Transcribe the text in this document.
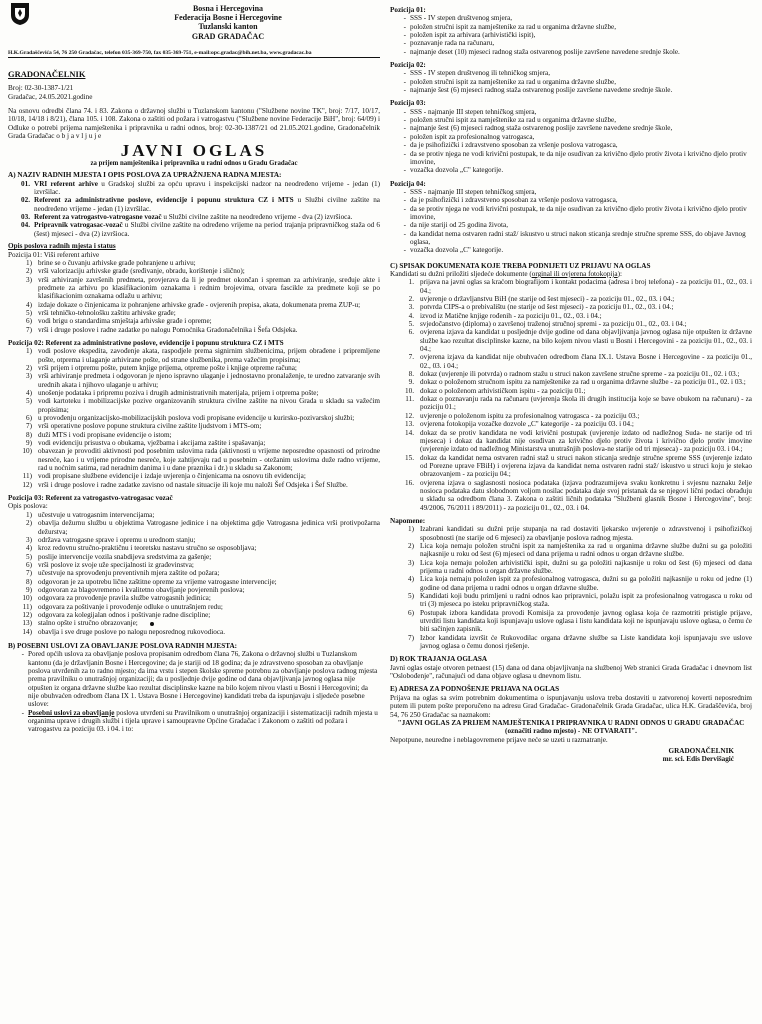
Bosna i Hercegovina
Federacija Bosne i Hercegovine
Tuzlanski kanton
GRAD GRADAČAC
H.K.Gradaščevića 54, 76 250 Gradačac, telefon 035-369-750, fax 035-369-751, e-mail:opc.gradac@bih.net.ba, www.gradacac.ba
GRADONAČELNIK
Broj: 02-30-1387-1/21
Gradačac, 24.05.2021.godine
Na osnovu odredbi člana 74. i 83. Zakona o državnoj službi u Tuzlanskom kantonu ("Službene novine TK", broj: 7/17, 10/17, 10/18, 14/18 i 8/21), člana 105. i 108. Zakona o zaštiti od požara i vatrogastvu ("Službene novine Federacije BiH", broj: 64/09) i Odluke o potrebi prijema namještenika i pripravnika u radni odnos, broj: 02-30-1387/21 od 21.05.2021.godine, Gradonačelnik Grada Gradačac o b j a v l j u j e
JAVNI OGLAS
za prijem namještenika i pripravnika u radni odnos u Gradu Gradačac
A) NAZIV RADNIH MJESTA I OPIS POSLOVA ZA UPRAŽNJENA RADNA MJESTA:
01. VRI referent arhive u Gradskoj službi za opću upravu i inspekcijski nadzor na neodređeno vrijeme - jedan (1) izvršilac.
02. Referent za administrativne poslove, evidencije i popunu struktura CZ i MTS u Službi civilne zaštite na neodređeno vrijeme - jedan (1) izvršilac.
03. Referent za vatrogastvo-vatrogasne vozač u Službi civilne zaštite na neodređeno vrijeme - dva (2) izvršioca.
04. Pripravnik vatrogasac-vozač u Službi civilne zaštite na određeno vrijeme na period trajanja pripravničkog staža od 6 (šest) mjeseci - dva (2) izvršioca.
Opis poslova radnih mjesta i status
Pozicija 01: Viši referent arhive
1) brine se o čuvanju arhivske građe pohranjene u arhivu;
2) vrši valorizaciju arhivske građe (sređivanje, obradu, korištenje i slično);
3) vrši arhiviranje završenih predmeta, provjerava da li je predmet okončan i spreman za arhiviranje, sređuje akte i predmete za arhivu po klasifikacionim oznakama i rednim brojevima, otvara fascikle za predmete koji se po klasifikacionim oznakama odlažu u arhivu;
4) izdaje dokaze o činjenicama iz pohranjene arhivske građe - ovjerenih prepisa, akata, dokumenata prema ZUP-u;
5) vrši tehničko-tehnološku zaštitu arhivske građe;
6) vodi brigu o standardima smještaja arhivske građe i opreme;
7) vrši i druge poslove i radne zadatke po nalogu Pomoćnika Gradonačelnika i Šefa Odsjeka.
Pozicija 02: Referent za administrativne poslove, evidencije i popunu struktura CZ i MTS
1) vodi poslove ekspedita, zavođenje akata, raspodjele prema signirnim službenicima, prijem obrađene i pripremljene pošte, otprema i ulaganje arhivirane pošte, od strane službenika, prema važećim propisima;
2) vrši prijem i otpremu pošte, putem knjige prijema, otpreme pošte i knjige otpreme računa;
3) vrši arhiviranje predmeta i odgovoran je njeno ispravno ulaganje i jednostavno pronalaženje, te uredno zatvaranje svih urednih akata i njihovo ulaganje u arhivu;
4) unošenje podataka i pripremu poziva i drugih administrativnih materijala, prijem i otprema pošte;
5) vodi kartoteku i mobilizacijske pozive organizovanih struktura civilne zaštite na nivou Grada u skladu sa važećim propisima;
6) u provođenju organizacijsko-mobilizacijskih poslova vodi propisane evidencije u kurirsko-pozivarskoj službi;
7) vrši operativne poslove popune struktura civilne zaštite ljudstvom i MTS-om;
8) duži MTS i vodi propisane evidencije o istom;
9) vodi evidenciju prisustva o obukama, vježbama i akcijama zaštite i spašavanja;
10) obavezan je provoditi aktivnosti pod posebnim uslovima rada (aktivnosti u vrijeme neposredne opasnosti od prirodne nesreće, kao i u vrijeme prirodne nesreće, koje zahtijevaju rad u posebnim - otežanim uslovima duže radno vrijeme, rad u noćnim satima, rad neradnim danima i u dane praznika i dr.) u skladu sa Zakonom;
11) vodi propisane službene evidencije i izdaje uvjerenja o činjenicama na osnovu tih evidencija;
12) vrši i druge poslove i radne zadatke zavisno od nastale situacije ili koje mu naloži Šef Odsjeka i Šef Službe.
Pozicija 03: Referent za vatrogastvo-vatrogasac vozač
Opis poslova:
1) učestvuje u vatrogasnim intervencijama;
2) obavlja dežurnu službu u objektima Vatrogasne jedinice i na objektima gdje Vatrogasna jedinica vrši protivpožarna dežurstva;
3) održava vatrogasne sprave i opremu u urednom stanju;
4) kroz redovnu stručno-praktičnu i teoretsku nastavu stručno se osposobljava;
5) poslije intervencije vozila snabdijeva sredstvima za gašenje;
6) vrši poslove iz svoje uže specijalnosti iz građevinstva;
7) učestvuje na sprovođenju preventivnih mjera zaštite od požara;
8) odgovoran je za upotrebu lične zaštitne opreme za vrijeme vatrogasne intervencije;
9) odgovoran za blagovremeno i kvalitetno obavljanje povjerenih poslova;
10) odgovara za provođenje pravila službe vatrogasnih jedinica;
11) odgovara za poštivanje i provođenje odluke o unutrašnjem redu;
12) odgovara za kolegijalan odnos i poštivanje radne discipline;
13) stalno opšte i stručno obrazovanje;
14) obavlja i sve druge poslove po nalogu neposrednog rukovodioca.
B) POSEBNI USLOVI ZA OBAVLJANJE POSLOVA RADNIH MJESTA:
- Pored općih uslova za obavljanje poslova propisanim odredbom člana 76, Zakona o državnoj službi u Tuzlanskom kantonu (da je državljanin Bosne i Hercegovine; da je stariji od 18 godina; da je zdravstveno sposoban za obavljanje poslova utvrđenih za to radno mjesto; da ima vrstu i stepen školske spreme potrebnu za obavljanje poslova radnog mjesta prema pravilniku o unutrašnjoj organizaciji; da u posljednje dvije godine od dana objavljivanja javnog oglasa nije otpušten iz organa državne službe kao rezultat disciplinske kazne na bilo kojem nivou vlasti u Bosni i Hercegovini; da nije obuhvaćen odredbom člana IX 1. Ustava Bosne i Hercegovine) kandidati treba da ispunjavaju i sljedeće posebne uslove:
- Posebni uslovi za obavljanje poslova utvrđeni su Pravilnikom o unutrašnjoj organizaciji i sistematizaciji radnih mjesta u organima uprave i drugih službi i tijela uprave i samoupravne Općine Gradačac i Zakonom o zaštiti od požara i vatrogastvu za poziciju 03. i 04. i to:
Pozicija 01:
- SSS - IV stepen društvenog smjera,
- položen stručni ispit za namještenike za rad u organima državne službe,
- položen ispit za arhivara (arhivistički ispit),
- poznavanje rada na računaru,
- najmanje deset (10) mjeseci radnog staža ostvarenog poslije završene navedene srednje škole.
Pozicija 02:
- SSS - IV stepen društvenog ili tehničkog smjera,
- položen stručni ispit za namještenike za rad u organima državne službe,
- najmanje šest (6) mjeseci radnog staža ostvarenog poslije završene navedene srednje škole.
Pozicija 03:
- SSS - najmanje III stepen tehničkog smjera,
- položen stručni ispit za namještenike za rad u organima državne službe,
- najmanje šest (6) mjeseci radnog staža ostvarenog poslije završene navedene srednje škole,
- položen ispit za profesionalnog vatrogasca,
- da je psihofizički i zdravstveno sposoban za vršenje poslova vatrogasca,
- da se protiv njega ne vodi krivični postupak, te da nije osuđivan za krivično djelo protiv života i krivično djelo protiv imovine,
- vozačka dozvola „C" kategorije.
Pozicija 04:
- SSS - najmanje III stepen tehničkog smjera,
- da je psihofizički i zdravstveno sposoban za vršenje poslova vatrogasca,
- da se protiv njega ne vodi krivični postupak, te da nije osuđivan za krivično djelo protiv života i krivično djelo protiv imovine,
- da nije stariji od 25 godina života,
- da kandidat nema ostvaren radni staž/ iskustvo u struci nakon sticanja srednje stručne spreme SSS, do objave Javnog oglasa,
- vozačka dozvola „C" kategorije.
C) SPISAK DOKUMENATA KOJE TREBA PODNIJETI UZ PRIJAVU NA OGLAS
Kandidati su dužni priložiti sljedeće dokumente (orginal ili ovjerena fotokopija):
1. prijava na javni oglas sa kraćom biografijom i kontakt podacima (adresa i broj telefona) - za poziciju 01., 02., 03. i 04.;
2. uvjerenje o državljanstvu BiH (ne starije od šest mjeseci) - za poziciju 01., 02., 03. i 04.;
3. potvrda CIPS-a o prebivalištu (ne starije od šest mjeseci) - za poziciju 01., 02., 03. i 04.;
4. izvod iz Matične knjige rođenih - za poziciju 01., 02., 03. i 04.;
5. svjedočanstvo (diploma) o završenoj traženoj stručnoj spremi - za poziciju 01., 02., 03. i 04.;
6. ovjerena izjava da kandidat u posljednje dvije godine od dana objavljivanja javnog oglasa nije otpušten iz državne službe kao rezultat disciplinske kazne, na bilo kojem nivou vlasti u Bosni i Hercegovini - za poziciju 01., 02., 03. i 04.;
7. ovjerena izjava da kandidat nije obuhvaćen odredbom člana IX.1. Ustava Bosne i Hercegovine - za poziciju 01., 02., 03. i 04.;
8. dokaz (uvjerenje ili potvrda) o radnom stažu u struci nakon završene stručne spreme - za poziciju 01., 02. i 03.;
9. dokaz o položenom stručnom ispitu za namještenike za rad u organima državne službe - za poziciju 01., 02. i 03.;
10. dokaz o položenom arhivističkom ispitu - za poziciju 01.;
11. dokaz o poznavanju rada na računaru (uvjerenja škola ili drugih institucija koje se bave obukom na računaru) - za poziciju 01.;
12. uvjerenje o položenom ispitu za profesionalnog vatrogasca - za poziciju 03.;
13. ovjerena fotokopija vozačke dozvole „C" kategorije - za poziciju 03. i 04.;
14. dokaz da se protiv kandidata ne vodi krivični postupak (uvjerenje izdato od nadležnog Suda- ne starije od tri mjeseca) i dokaz da kandidat nije osuđivan za krivično djelo protiv života i krivično djelo protiv imovine (uvjerenje izdato od nadležnog Ministarstva unutrašnjih poslova-ne starije od tri mjeseca) - za poziciju 03. i 04.;
15. dokaz da kandidat nema ostvaren radni staž u struci nakon sticanja srednje stručne spreme SSS (uvjerenje izdato od Porezne uprave FBiH) i ovjerena izjava da kandidat nema ostvaren radni staž/ iskustvo u struci koju je stekao obrazovanjem - za poziciju 04.;
16. ovjerena izjava o saglasnosti nosioca podataka (izjava podrazumijeva svaku konkretnu i svjesnu naznaku želje nosioca podataka datu slobodnom voljom nosilac podataka daje svoj pristanak da se njegovi lični podaci obrađuju u skladu sa odredbom člana 3. Zakona o zaštiti ličnih podataka "Službeni glasnik Bosne i Hercegovine", broj: 49/2006, 76/2011 i 89/2011) - za poziciju 01., 02., 03. i 04.
Napomene:
1) Izabrani kandidati su dužni prije stupanja na rad dostaviti ljekarsko uvjerenje o zdravstvenoj i psihofizičkoj sposobnosti (ne starije od 6 mjeseci) za obavljanje poslova radnog mjesta.
2) Lica koja nemaju položen stručni ispit za namještenika za rad u organima državne službe dužni su ga položiti najkasnije u roku od šest (6) mjeseci od dana prijema u radni odnos u organ državne službe.
3) Lica koja nemaju položen arhivistički ispit, dužni su ga položiti najkasnije u roku od šest (6) mjeseci od dana prijema u radni odnos u organ državne službe.
4) Lica koja nemaju položen ispit za profesionalnog vatrogasca, dužni su ga položiti najkasnije u roku od jedne (1) godine od dana prijema u radni odnos u organ državne službe.
5) Kandidati koji budu primljeni u radni odnos kao pripravnici, polažu ispit za profesionalnog vatrogasca u roku od tri (3) mjeseca po isteku pripravničkog staža.
6) Postupak izbora kandidata provodi Komisija za provođenje javnog oglasa koja će razmotriti pristigle prijave, utvrditi listu kandidata koji ispunjavaju uslove oglasa i listu kandidata koji ne ispunjavaju uslove oglasa, o čemu će biti sačinjen zapisnik.
7) Izbor kandidata izvršit će Rukovodilac organa državne službe sa Liste kandidata koji ispunjavaju sve uslove javnog oglasa o čemu donosi rješenje.
D) ROK TRAJANJA OGLASA
Javni oglas ostaje otvoren petnaest (15) dana od dana objavljivanja na službenoj Web stranici Grada Gradačac i dnevnom list "Oslobođenje", računajući od dana objave oglasa u dnevnom listu.
E) ADRESA ZA PODNOŠENJE PRIJAVA NA OGLAS
Prijava na oglas sa svim potrebnim dokumentima o ispunjavanju uslova treba dostaviti u zatvorenoj koverti neposrednim putem ili putem pošte preporučeno na adresu Grad Gradačac- Gradonačelnik Grada Gradačac, ulica H.K. Gradaščevića, broj 54, 76 250 Gradačac sa naznakom:
"JAVNI OGLAS ZA PRIJEM NAMJEŠTENIKA I PRIPRAVNIKA U RADNI ODNOS U GRADU GRADAČAC (označiti radno mjesto) - NE OTVARATI".
Nepotpune, neuredne i neblagovremene prijave neće se uzeti u razmatranje.
GRADONAČELNIK
mr. sci. Edis Dervišagić
